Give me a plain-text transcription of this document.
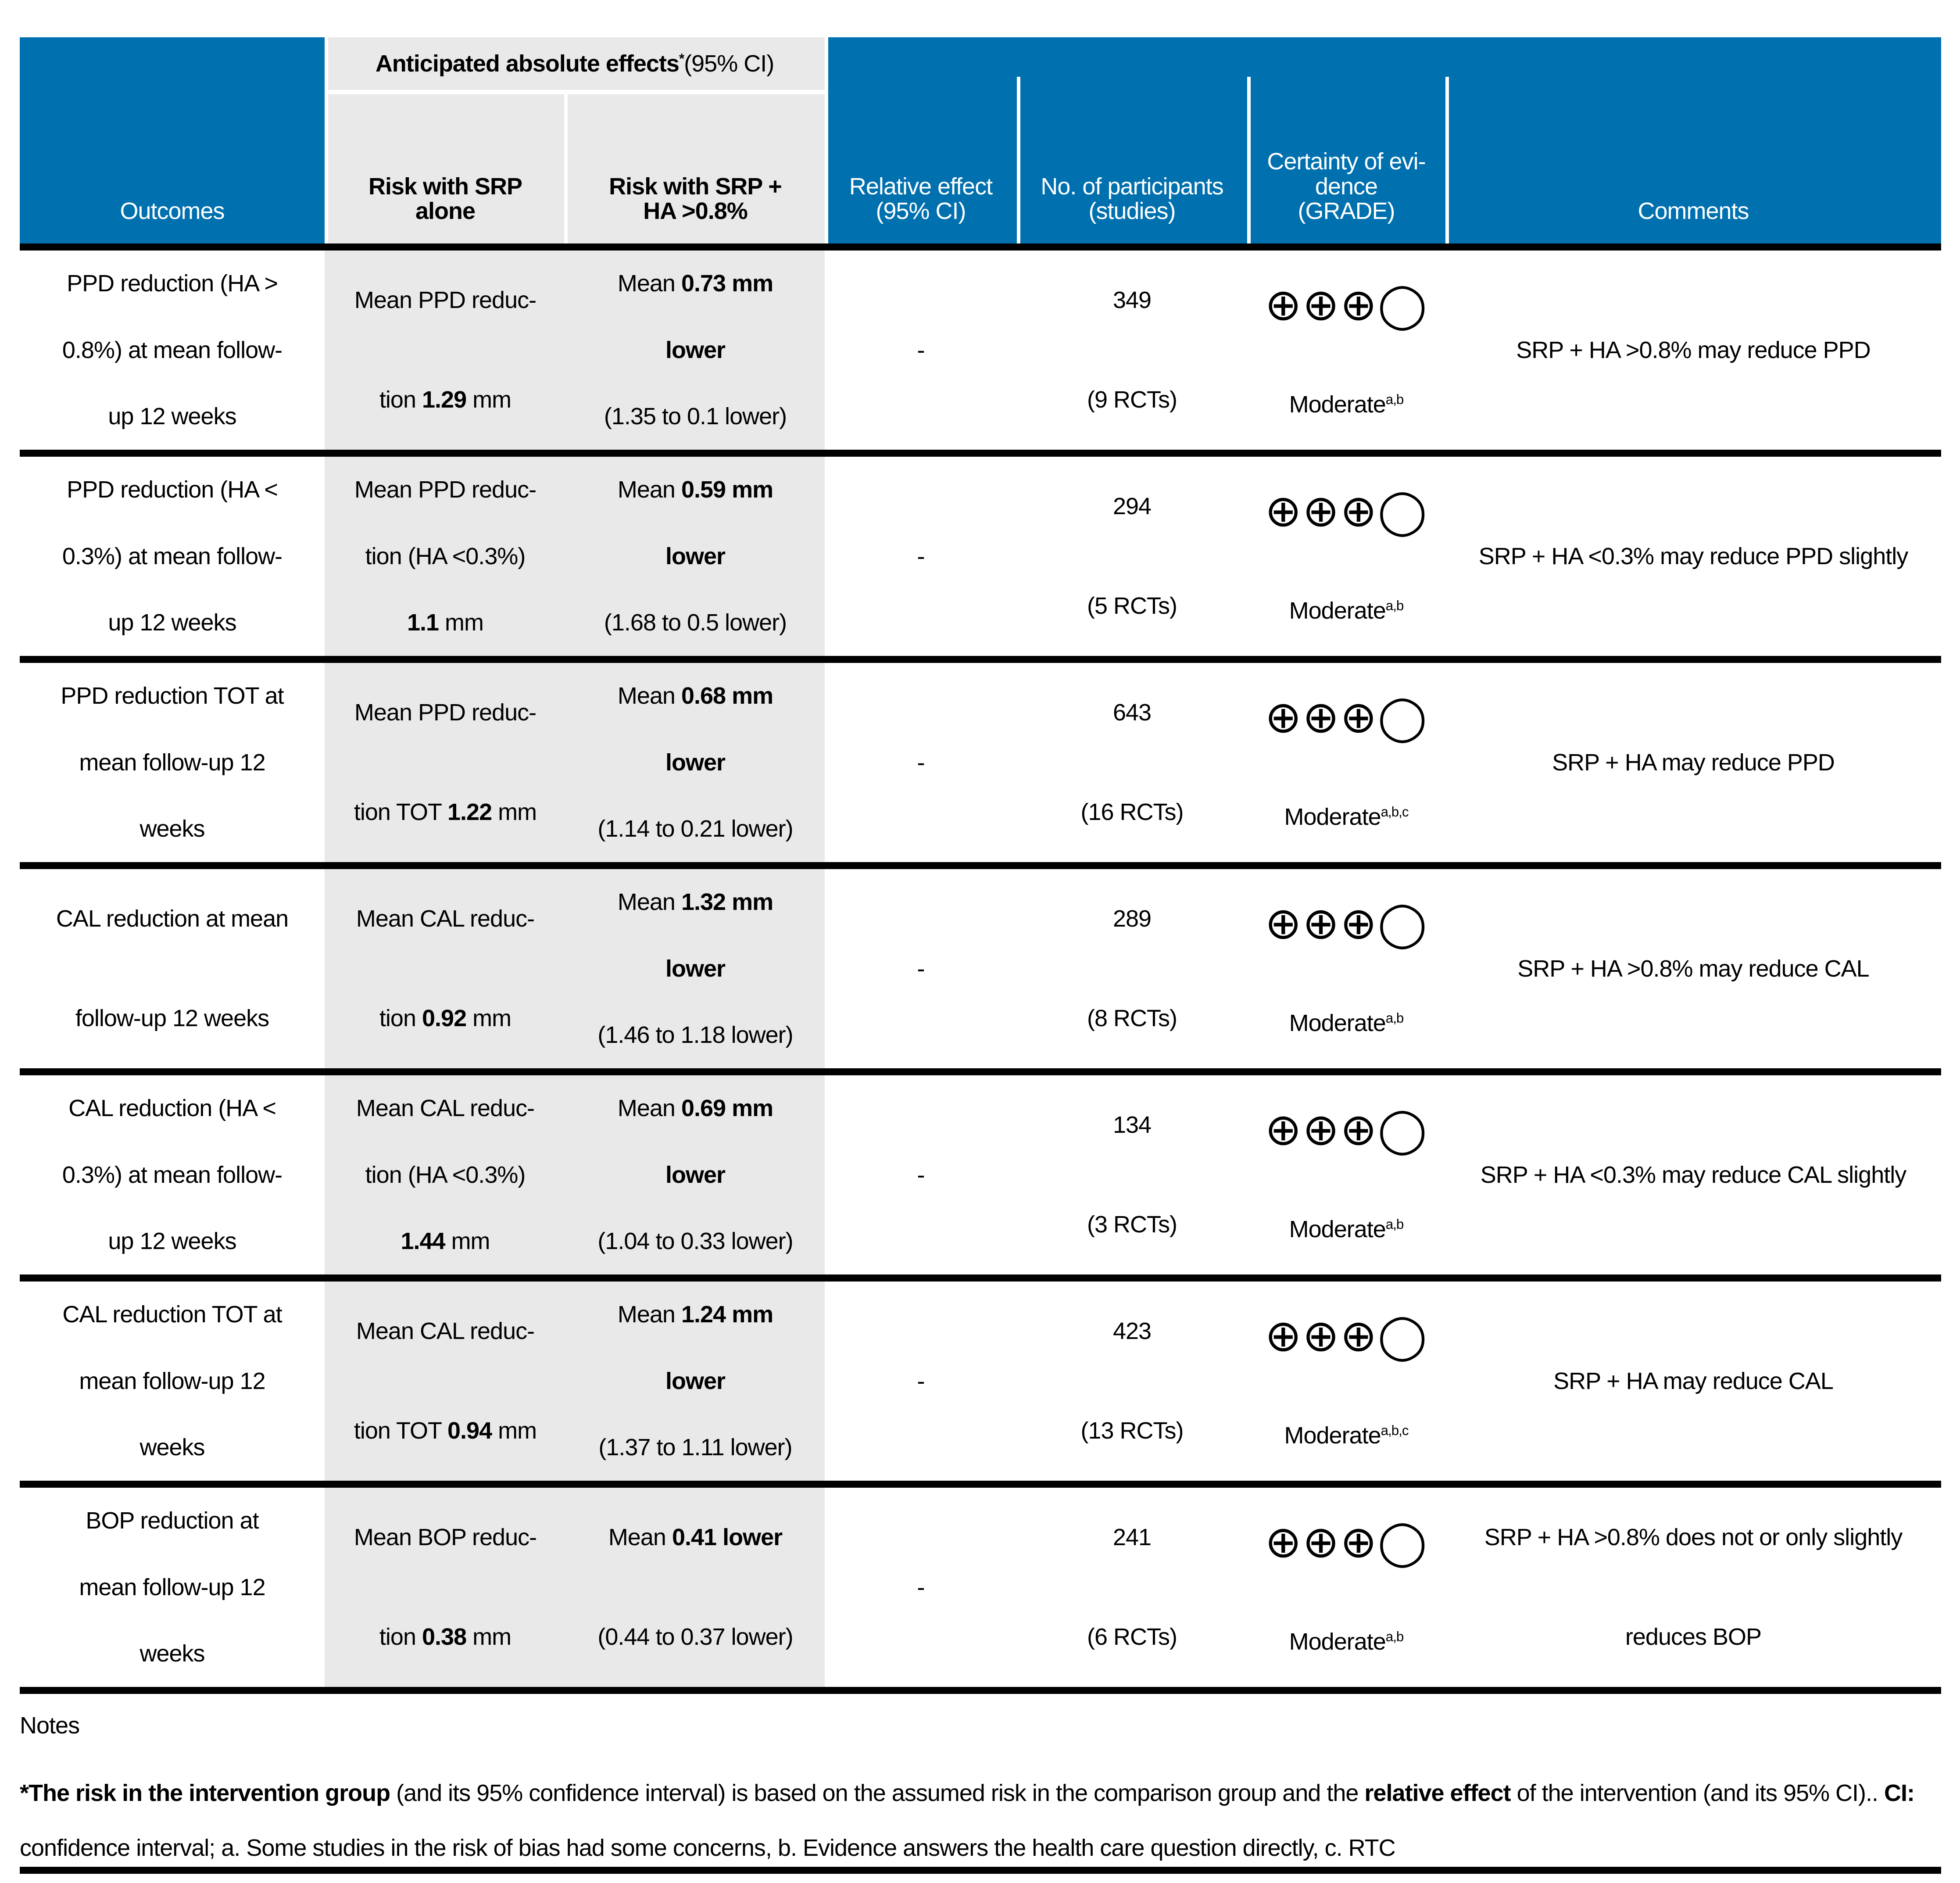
Outcomes
Anticipated absolute effects* (95% CI)
Risk with SRP
alone
Risk with SRP +
HA >0.8%
Relative effect
(95% CI)
No. of participants
(studies)
Certainty of evi-
dence
(GRADE)	Comments
PPD reduction (HA >
0.8%) at mean follow-
up 12 weeks
Mean PPD reduc-
tion 1.29 mm
Mean 0.73 mm
lower
(1.35 to 0.1 lower)
-
349
(9 RCTs)
⊕⊕⊕◯
Moderate$^{a,b}$
SRP + HA >0.8% may reduce PPD
PPD reduction (HA <
0.3%) at mean follow-
up 12 weeks
Mean PPD reduc-
tion (HA <0.3%)
1.1 mm
Mean 0.59 mm
lower
(1.68 to 0.5 lower)
-
294
(5 RCTs)
⊕⊕⊕◯
Moderate$^{a,b}$
SRP + HA <0.3% may reduce PPD slightly
PPD reduction TOT at
mean follow-up 12
weeks
Mean PPD reduc-
tion TOT 1.22 mm
Mean 0.68 mm
lower
(1.14 to 0.21 lower)
-
643
(16 RCTs)
⊕⊕⊕◯
Moderate$^{a,b,c}$
SRP + HA may reduce PPD
CAL reduction at mean
follow-up 12 weeks
Mean CAL reduc-
tion 0.92 mm
Mean 1.32 mm
lower
(1.46 to 1.18 lower)
-
289
(8 RCTs)
⊕⊕⊕◯
Moderate$^{a,b}$
SRP + HA >0.8% may reduce CAL
CAL reduction (HA <
0.3%) at mean follow-
up 12 weeks
Mean CAL reduc-
tion (HA <0.3%)
1.44 mm
Mean 0.69 mm
lower
(1.04 to 0.33 lower)
-
134
(3 RCTs)
⊕⊕⊕◯
Moderate$^{a,b}$
SRP + HA <0.3% may reduce CAL slightly
CAL reduction TOT at
mean follow-up 12
weeks
Mean CAL reduc-
tion TOT 0.94 mm
Mean 1.24 mm
lower
(1.37 to 1.11 lower)
-
423
(13 RCTs)
⊕⊕⊕◯
Moderate$^{a,b,c}$
SRP + HA may reduce CAL
BOP reduction at
mean follow-up 12
weeks
Mean BOP reduc-
tion 0.38 mm
Mean 0.41 lower
(0.44 to 0.37 lower)
-
241
(6 RCTs)
⊕⊕⊕◯
Moderate$^{a,b}$
SRP + HA >0.8% does not or only slightly
reduces BOP
Notes
*The risk in the intervention group (and its 95% confidence interval) is based on the assumed risk in the comparison group and the relative effect of the intervention (and its 95% CI).. CI: confidence interval; a. Some studies in the risk of bias had some concerns, b. Evidence answers the health care question directly, c. RTC
